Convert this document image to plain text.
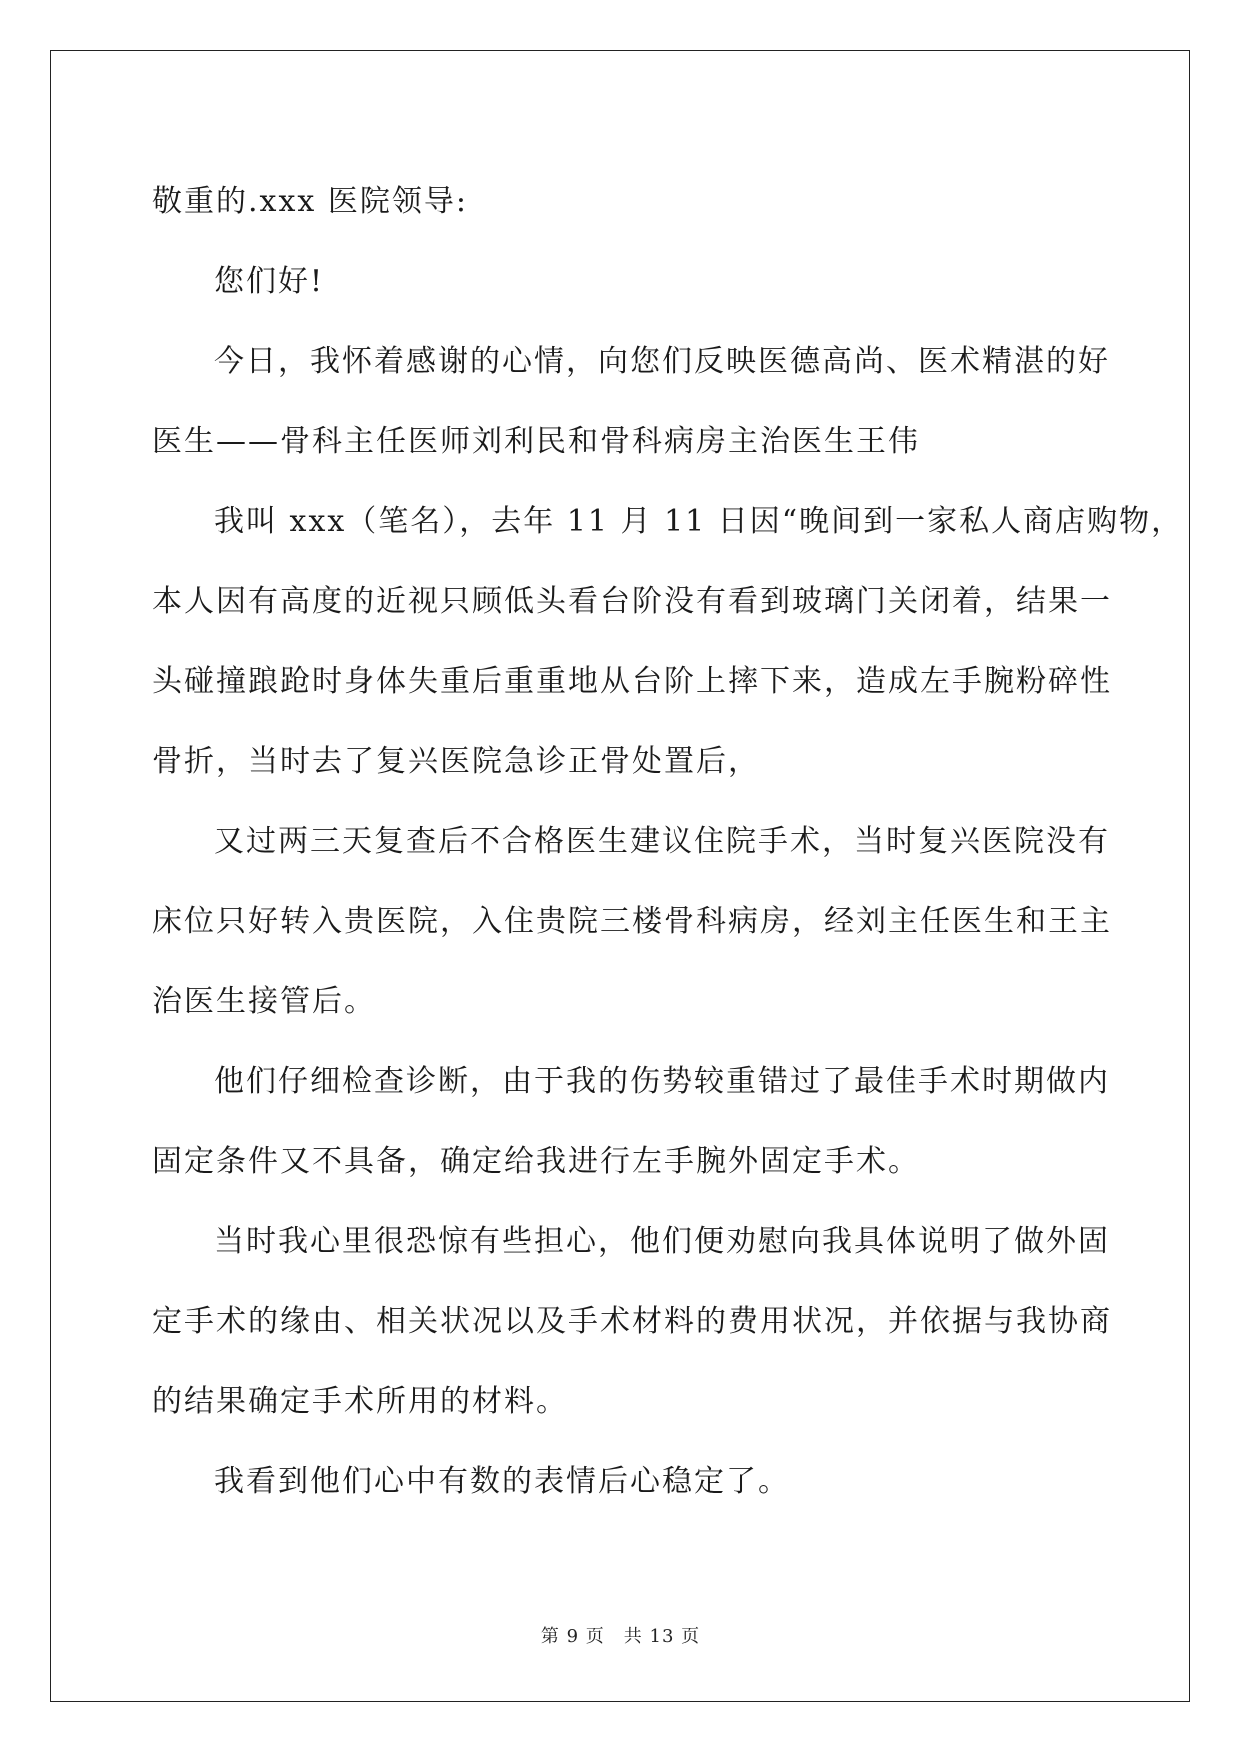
敬重的.xxx 医院领导:
您们好!
今日，我怀着感谢的心情，向您们反映医德高尚、医术精湛的好
医生——骨科主任医师刘利民和骨科病房主治医生王伟
我叫 xxx（笔名），去年 11 月 11 日因“晚间到一家私人商店购物，
本人因有高度的近视只顾低头看台阶没有看到玻璃门关闭着，结果一
头碰撞踉跄时身体失重后重重地从台阶上摔下来，造成左手腕粉碎性
骨折，当时去了复兴医院急诊正骨处置后，
又过两三天复查后不合格医生建议住院手术，当时复兴医院没有
床位只好转入贵医院，入住贵院三楼骨科病房，经刘主任医生和王主
治医生接管后。
他们仔细检查诊断，由于我的伤势较重错过了最佳手术时期做内
固定条件又不具备，确定给我进行左手腕外固定手术。
当时我心里很恐惊有些担心，他们便劝慰向我具体说明了做外固
定手术的缘由、相关状况以及手术材料的费用状况，并依据与我协商
的结果确定手术所用的材料。
我看到他们心中有数的表情后心稳定了。
第 9 页　共 13 页
